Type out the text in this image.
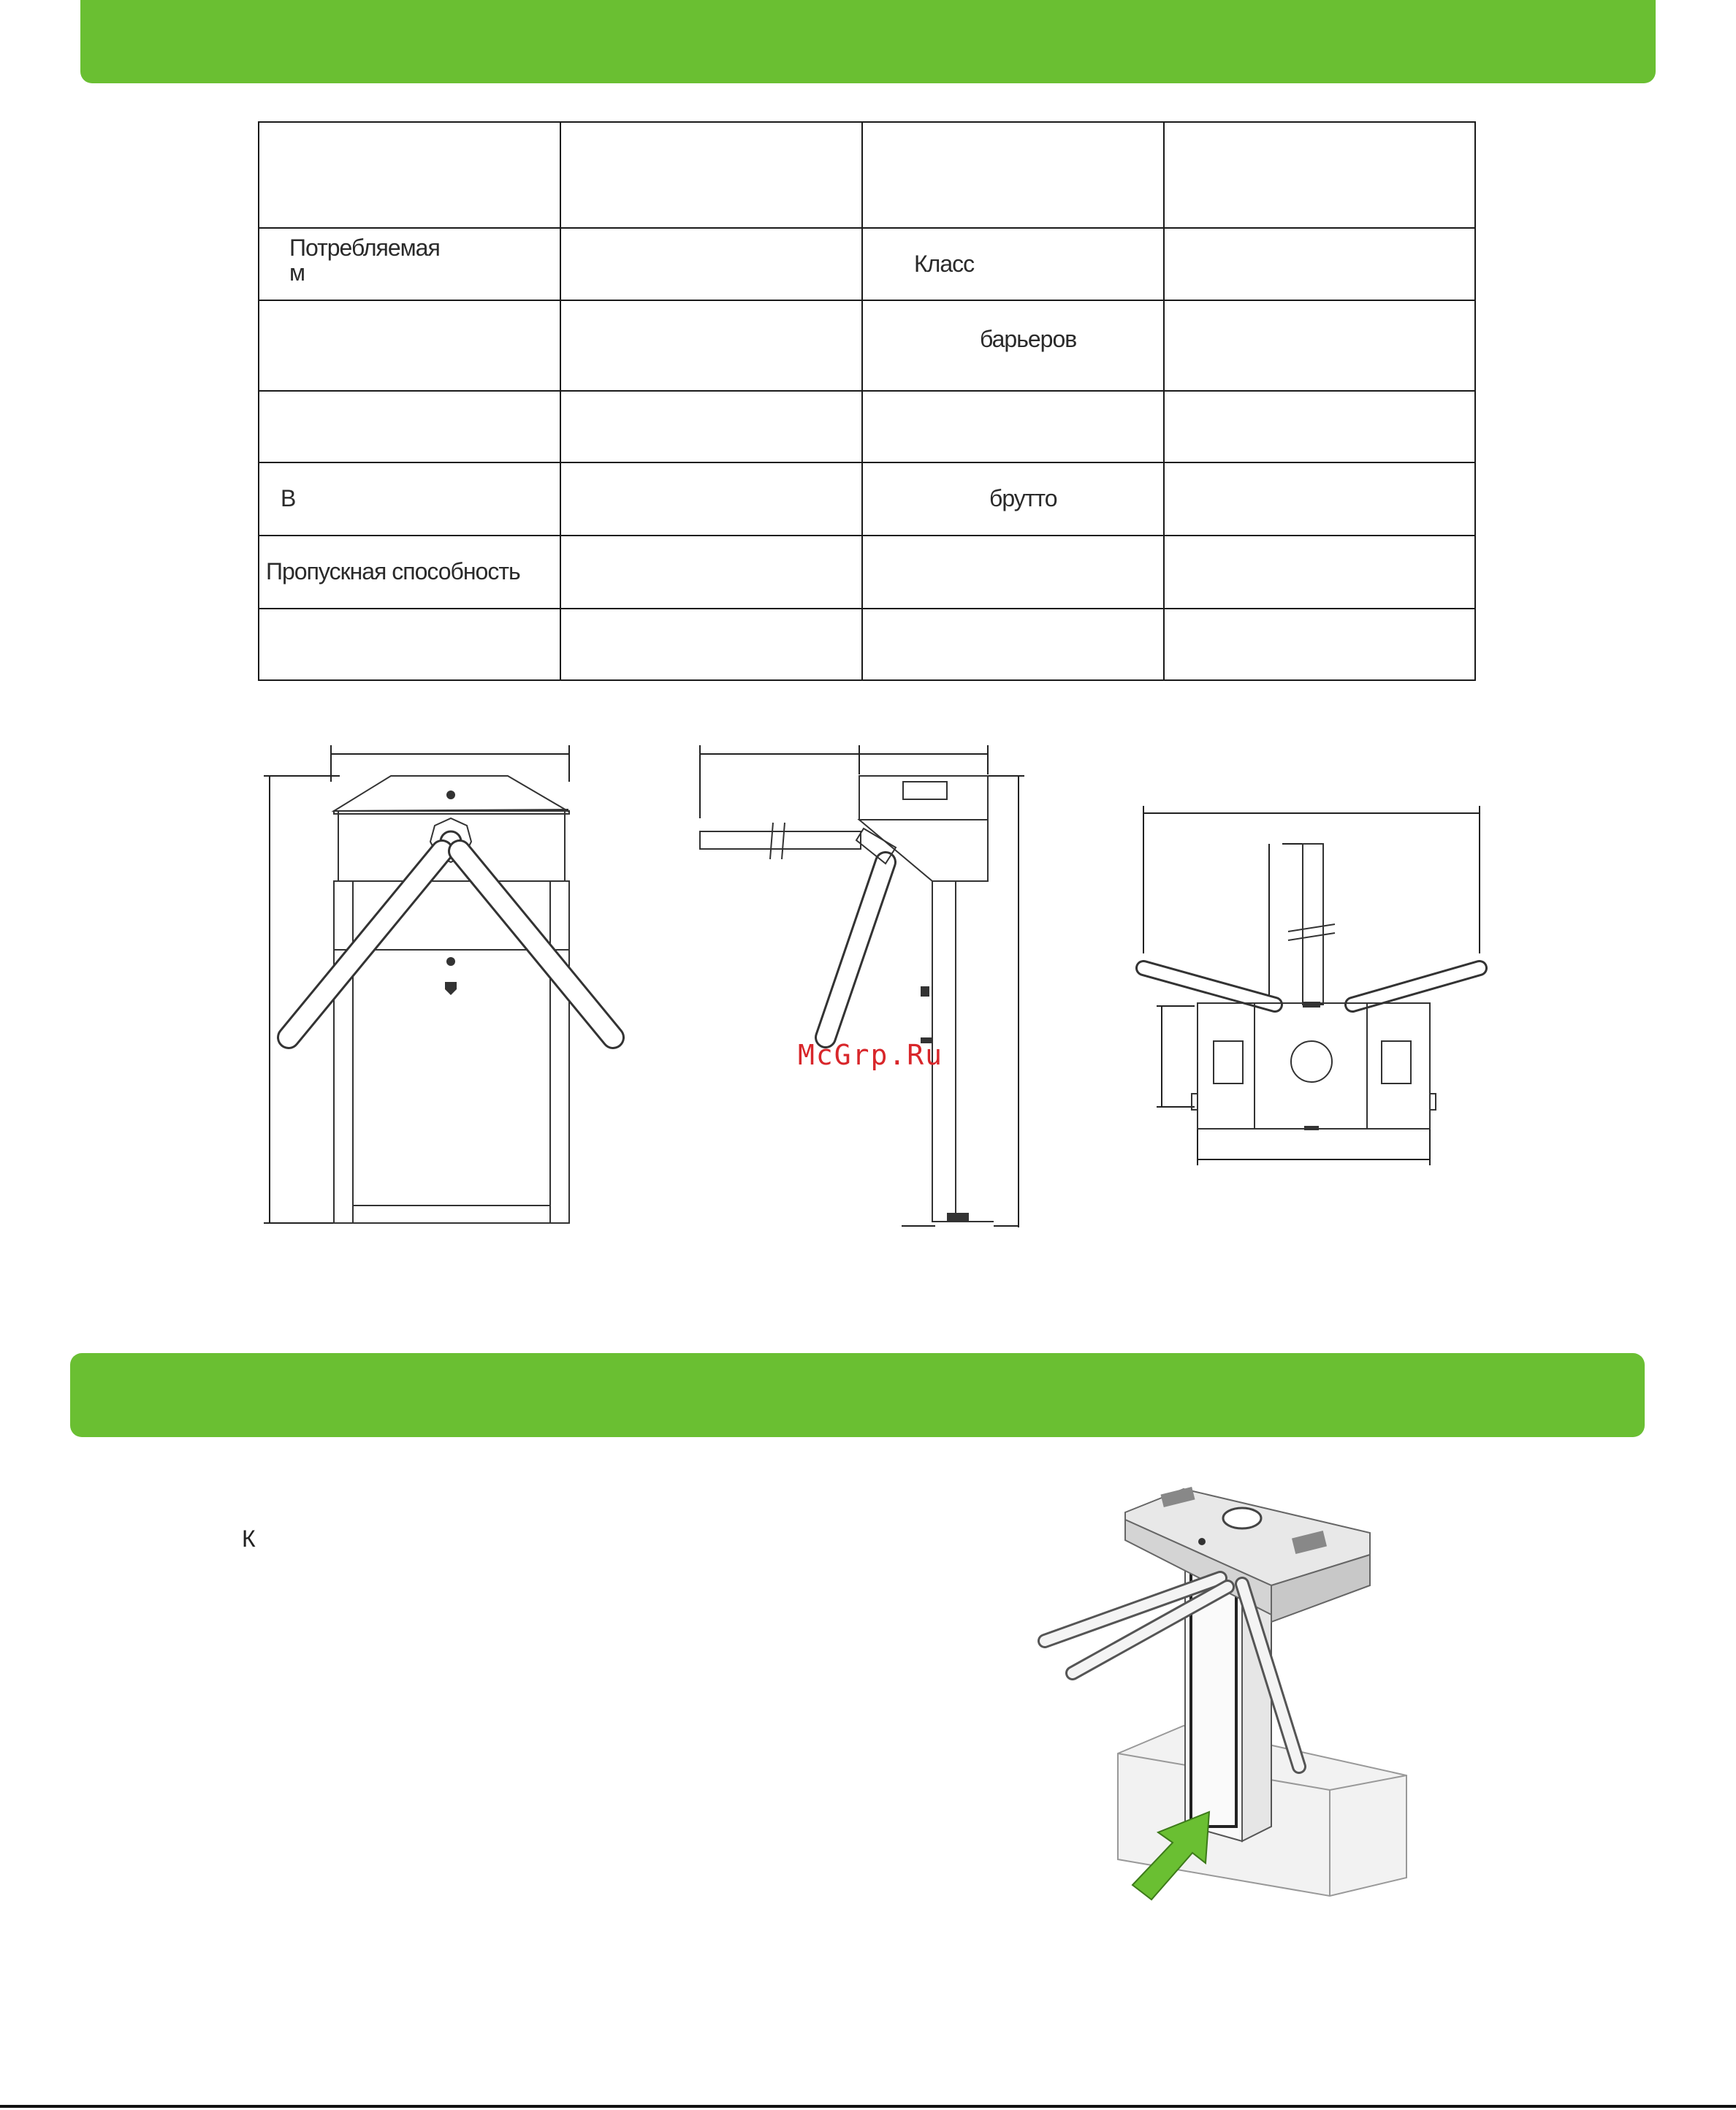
Потребляемая
м		Класс	

		барьеров	

В		брутто	

Пропускная способность			

McGrp.Ru
К
